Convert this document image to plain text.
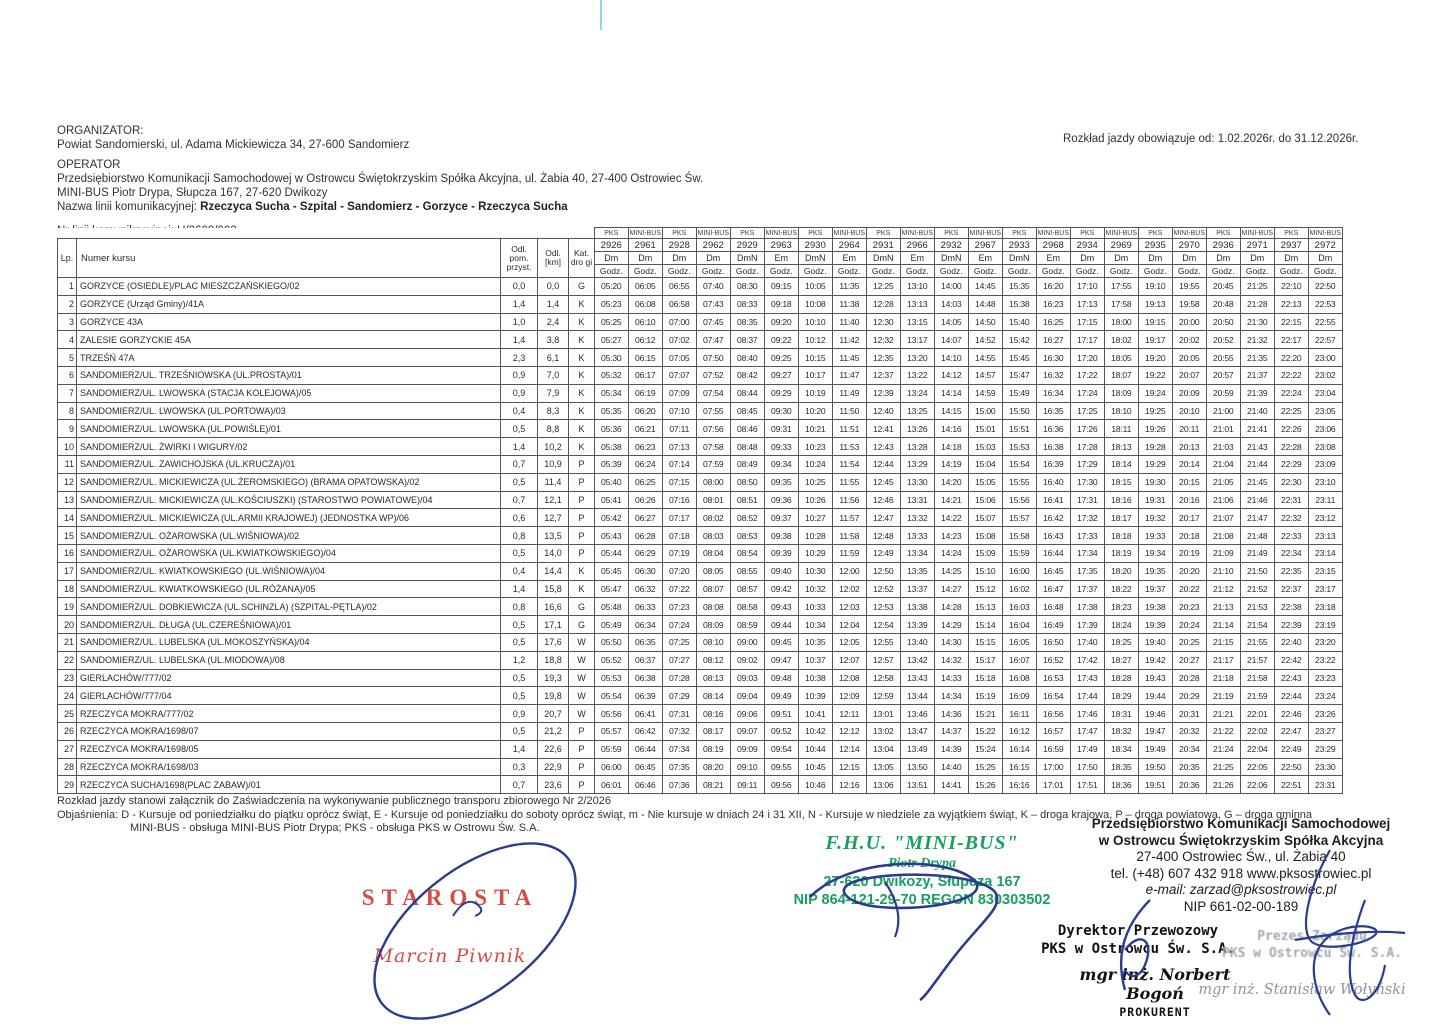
ORGANIZATOR:
Powiat Sandomierski, ul. Adama Mickiewicza 34, 27-600 Sandomierz
OPERATOR
Przedsiębiorstwo Komunikacji Samochodowej w Ostrowcu Świętokrzyskim Spółka Akcyjna, ul. Żabia 40, 27-400 Ostrowiec Św.
MINI-BUS Piotr Drypa, Słupcza 167, 27-620 Dwikozy
Nazwa linii komunikacyjnej: Rzeczyca Sucha - Szpital - Sandomierz - Gorzyce - Rzeczyca Sucha
Rozkład jazdy obowiązuje od: 1.02.2026r. do 31.12.2026r.
					PKS	MINI-BUS	PKS	MINI-BUS	PKS	MINI-BUS	PKS	MINI-BUS	PKS	MINI-BUS	PKS	MINI-BUS	PKS	MINI-BUS	PKS	MINI-BUS	PKS	MINI-BUS	PKS	MINI-BUS	PKS	MINI-BUS
Lp.	Numer kursu	Odl. pom. przyst.	Odl. [km]	Kat. dro gi	2926	2961	2928	2962	2929	2963	2930	2964	2931	2966	2932	2967	2933	2968	2934	2969	2935	2970	2936	2971	2937	2972
					Dm	Dm	Dm	Dm	DmN	Em	DmN	Em	DmN	Em	DmN	Em	DmN	Em	Dm	Dm	Dm	Dm	Dm	Dm	Dm	Dm
					Godz.	Godz.	Godz.	Godz.	Godz.	Godz.	Godz.	Godz.	Godz.	Godz.	Godz.	Godz.	Godz.	Godz.	Godz.	Godz.	Godz.	Godz.	Godz.	Godz.	Godz.	Godz.
1	GORZYCE (OSIEDLE)/PLAC MIESZCZAŃSKIEGO/02	0,0	0,0	G	05:20	06:05	06:55	07:40	08:30	09:15	10:05	11:35	12:25	13:10	14:00	14:45	15:35	16:20	17:10	17:55	19:10	19:55	20:45	21:25	22:10	22:50
2	GORZYCE (Urząd Gminy)/41A	1,4	1,4	K	05:23	06:08	06:58	07:43	08:33	09:18	10:08	11:38	12:28	13:13	14:03	14:48	15:38	16:23	17:13	17:58	19:13	19:58	20:48	21:28	22:13	22:53
3	GORZYCE 43A	1,0	2,4	K	05:25	06:10	07:00	07:45	08:35	09:20	10:10	11:40	12:30	13:15	14:05	14:50	15:40	16:25	17:15	18:00	19:15	20:00	20:50	21:30	22:15	22:55
4	ZALESIE GORZYCKIE 45A	1,4	3,8	K	05:27	06:12	07:02	07:47	08:37	09:22	10:12	11:42	12:32	13:17	14:07	14:52	15:42	16:27	17:17	18:02	19:17	20:02	20:52	21:32	22:17	22:57
5	TRZEŚŃ 47A	2,3	6,1	K	05:30	06:15	07:05	07:50	08:40	09:25	10:15	11:45	12:35	13:20	14:10	14:55	15:45	16:30	17:20	18:05	19:20	20:05	20:55	21:35	22:20	23:00
6	SANDOMIERZ/UL. TRZEŚNIOWSKA (UL.PROSTA)/01	0,9	7,0	K	05:32	06:17	07:07	07:52	08:42	09:27	10:17	11:47	12:37	13:22	14:12	14:57	15:47	16:32	17:22	18:07	19:22	20:07	20:57	21:37	22:22	23:02
7	SANDOMIERZ/UL. LWOWSKA (STACJA KOLEJOWA)/05	0,9	7,9	K	05:34	06:19	07:09	07:54	08:44	09:29	10:19	11:49	12:39	13:24	14:14	14:59	15:49	16:34	17:24	18:09	19:24	20:09	20:59	21:39	22:24	23:04
8	SANDOMIERZ/UL. LWOWSKA (UL.PORTOWA)/03	0,4	8,3	K	05:35	06:20	07:10	07:55	08:45	09:30	10:20	11:50	12:40	13:25	14:15	15:00	15:50	16:35	17:25	18:10	19:25	20:10	21:00	21:40	22:25	23:05
9	SANDOMIERZ/UL. LWOWSKA (UL.POWIŚLE)/01	0,5	8,8	K	05:36	06:21	07:11	07:56	08:46	09:31	10:21	11:51	12:41	13:26	14:16	15:01	15:51	16:36	17:26	18:11	19:26	20:11	21:01	21:41	22:26	23:06
10	SANDOMIERZ/UL. ŻWIRKI I WIGURY/02	1,4	10,2	K	05:38	06:23	07:13	07:58	08:48	09:33	10:23	11:53	12:43	13:28	14:18	15:03	15:53	16:38	17:28	18:13	19:28	20:13	21:03	21:43	22:28	23:08
11	SANDOMIERZ/UL. ZAWICHOJSKA (UL.KRUCZA)/01	0,7	10,9	P	05:39	06:24	07:14	07:59	08:49	09:34	10:24	11:54	12:44	13:29	14:19	15:04	15:54	16:39	17:29	18:14	19:29	20:14	21:04	21:44	22:29	23:09
12	SANDOMIERZ/UL. MICKIEWICZA (UL.ŻEROMSKIEGO) (BRAMA OPATOWSKA)/02	0,5	11,4	P	05:40	06:25	07:15	08:00	08:50	09:35	10:25	11:55	12:45	13:30	14:20	15:05	15:55	16:40	17:30	18:15	19:30	20:15	21:05	21:45	22:30	23:10
13	SANDOMIERZ/UL. MICKIEWICZA (UL.KOŚCIUSZKI) (STAROSTWO POWIATOWE)/04	0,7	12,1	P	05:41	06:26	07:16	08:01	08:51	09:36	10:26	11:56	12:46	13:31	14:21	15:06	15:56	16:41	17:31	18:16	19:31	20:16	21:06	21:46	22:31	23:11
14	SANDOMIERZ/UL. MICKIEWICZA (UL.ARMII KRAJOWEJ) (JEDNOSTKA WP)/06	0,6	12,7	P	05:42	06:27	07:17	08:02	08:52	09:37	10:27	11:57	12:47	13:32	14:22	15:07	15:57	16:42	17:32	18:17	19:32	20:17	21:07	21:47	22:32	23:12
15	SANDOMIERZ/UL. OŻAROWSKA (UL.WIŚNIOWA)/02	0,8	13,5	P	05:43	06:28	07:18	08:03	08:53	09:38	10:28	11:58	12:48	13:33	14:23	15:08	15:58	16:43	17:33	18:18	19:33	20:18	21:08	21:48	22:33	23:13
16	SANDOMIERZ/UL. OŻAROWSKA (UL.KWIATKOWSKIEGO)/04	0,5	14,0	P	05:44	06:29	07:19	08:04	08:54	09:39	10:29	11:59	12:49	13:34	14:24	15:09	15:59	16:44	17:34	18:19	19:34	20:19	21:09	21:49	22:34	23:14
17	SANDOMIERZ/UL. KWIATKOWSKIEGO (UL.WIŚNIOWA)/04	0,4	14,4	K	05:45	06:30	07:20	08:05	08:55	09:40	10:30	12:00	12:50	13:35	14:25	15:10	16:00	16:45	17:35	18:20	19:35	20:20	21:10	21:50	22:35	23:15
18	SANDOMIERZ/UL. KWIATKOWSKIEGO (UL.RÓŻANA)/05	1,4	15,8	K	05:47	06:32	07:22	08:07	08:57	09:42	10:32	12:02	12:52	13:37	14:27	15:12	16:02	16:47	17:37	18:22	19:37	20:22	21:12	21:52	22:37	23:17
19	SANDOMIERZ/UL. DOBKIEWICZA (UL.SCHINZLA) (SZPITAL-PĘTLA)/02	0,8	16,6	G	05:48	06:33	07:23	08:08	08:58	09:43	10:33	12:03	12:53	13:38	14:28	15:13	16:03	16:48	17:38	18:23	19:38	20:23	21:13	21:53	22:38	23:18
20	SANDOMIERZ/UL. DŁUGA (UL.CZEREŚNIOWA)/01	0,5	17,1	G	05:49	06:34	07:24	08:09	08:59	09:44	10:34	12:04	12:54	13:39	14:29	15:14	16:04	16:49	17:39	18:24	19:39	20:24	21:14	21:54	22:39	23:19
21	SANDOMIERZ/UL. LUBELSKA (UL.MOKOSZYŃSKA)/04	0,5	17,6	W	05:50	06:35	07:25	08:10	09:00	09:45	10:35	12:05	12:55	13:40	14:30	15:15	16:05	16:50	17:40	18:25	19:40	20:25	21:15	21:55	22:40	23:20
22	SANDOMIERZ/UL. LUBELSKA (UL.MIODOWA)/08	1,2	18,8	W	05:52	06:37	07:27	08:12	09:02	09:47	10:37	12:07	12:57	13:42	14:32	15:17	16:07	16:52	17:42	18:27	19:42	20:27	21:17	21:57	22:42	23:22
23	GIERLACHÓW/777/02	0,5	19,3	W	05:53	06:38	07:28	08:13	09:03	09:48	10:38	12:08	12:58	13:43	14:33	15:18	16:08	16:53	17:43	18:28	19:43	20:28	21:18	21:58	22:43	23:23
24	GIERLACHÓW/777/04	0,5	19,8	W	05:54	06:39	07:29	08:14	09:04	09:49	10:39	12:09	12:59	13:44	14:34	15:19	16:09	16:54	17:44	18:29	19:44	20:29	21:19	21:59	22:44	23:24
25	RZECZYCA MOKRA/777/02	0,9	20,7	W	05:56	06:41	07:31	08:16	09:06	09:51	10:41	12:11	13:01	13:46	14:36	15:21	16:11	16:56	17:46	18:31	19:46	20:31	21:21	22:01	22:46	23:26
26	RZECZYCA MOKRA/1698/07	0,5	21,2	P	05:57	06:42	07:32	08:17	09:07	09:52	10:42	12:12	13:02	13:47	14:37	15:22	16:12	16:57	17:47	18:32	19:47	20:32	21:22	22:02	22:47	23:27
27	RZECZYCA MOKRA/1698/05	1,4	22,6	P	05:59	06:44	07:34	08:19	09:09	09:54	10:44	12:14	13:04	13:49	14:39	15:24	16:14	16:59	17:49	18:34	19:49	20:34	21:24	22:04	22:49	23:29
28	RZECZYCA MOKRA/1698/03	0,3	22,9	P	06:00	06:45	07:35	08:20	09:10	09:55	10:45	12:15	13:05	13:50	14:40	15:25	16:15	17:00	17:50	18:35	19:50	20:35	21:25	22:05	22:50	23:30
29	RZECZYCA SUCHA/1698(PLAC ZABAW)/01	0,7	23,6	P	06:01	06:46	07:36	08:21	09:11	09:56	10:46	12:16	13:06	13:51	14:41	15:26	16:16	17:01	17:51	18:36	19:51	20:36	21:26	22:06	22:51	23:31
Rozkład jazdy stanowi załącznik do Zaświadczenia na wykonywanie publicznego transporu zbiorowego Nr 2/2026
Objaśnienia: D - Kursuje od poniedziałku do piątku oprócz świąt, E - Kursuje od poniedziałku do soboty oprócz świąt, m - Nie kursuje w dniach 24 i 31 XII, N - Kursuje w niedziele za wyjątkiem świąt, K – droga krajowa, P – droga powiatowa, G – droga gminna
MINI-BUS - obsługa MINI-BUS Piotr Drypa; PKS - obsługa PKS w Ostrowu Św. S.A.
STAROSTA
Marcin Piwnik
F.H.U. "MINI-BUS"
Piotr Drypa
27-620 Dwikozy, Słupcza 167
NIP 864-121-29-70 REGON 830303502
Przedsiębiorstwo Komunikacji Samochodowej
w Ostrowcu Świętokrzyskim Spółka Akcyjna
27-400 Ostrowiec Św., ul. Żabia 40
tel. (+48) 607 432 918 www.pksostrowiec.pl
e-mail: zarzad@pksostrowiec.pl
NIP 661-02-00-189
Dyrektor Przewozowy
PKS w Ostrowcu Św. S.A.
mgr inż. Norbert Bogoń
PROKURENT
Prezes Zarządu
PKS w Ostrowcu Św. S.A.
mgr inż. Stanisław Wołyński
